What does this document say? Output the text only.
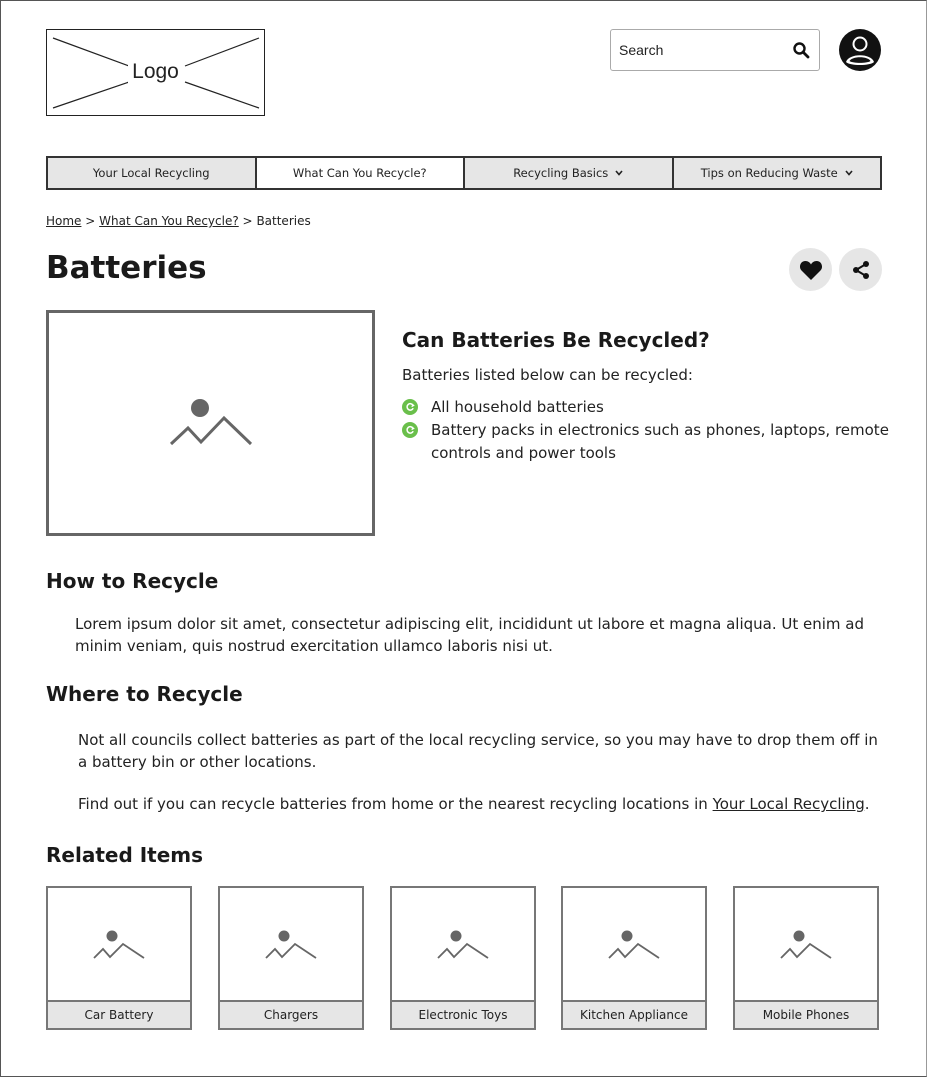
Logo
Search
Your Local Recycling	What Can You Recycle?	Recycling Basics	Tips on Reducing Waste
Home > What Can You Recycle? > Batteries
Batteries
Can Batteries Be Recycled?

Batteries listed below can be recycled:

All household batteries
Battery packs in electronics such as phones, laptops, remote controls and power tools
How to Recycle

Lorem ipsum dolor sit amet, consectetur adipiscing elit, incididunt ut labore et magna aliqua. Ut enim ad minim veniam, quis nostrud exercitation ullamco laboris nisi ut.

Where to Recycle

Not all councils collect batteries as part of the local recycling service, so you may have to drop them off in a battery bin or other locations.

Find out if you can recycle batteries from home or the nearest recycling locations in Your Local Recycling.

Related Items
Car Battery	Chargers	Electronic Toys	Kitchen Appliance	Mobile Phones
